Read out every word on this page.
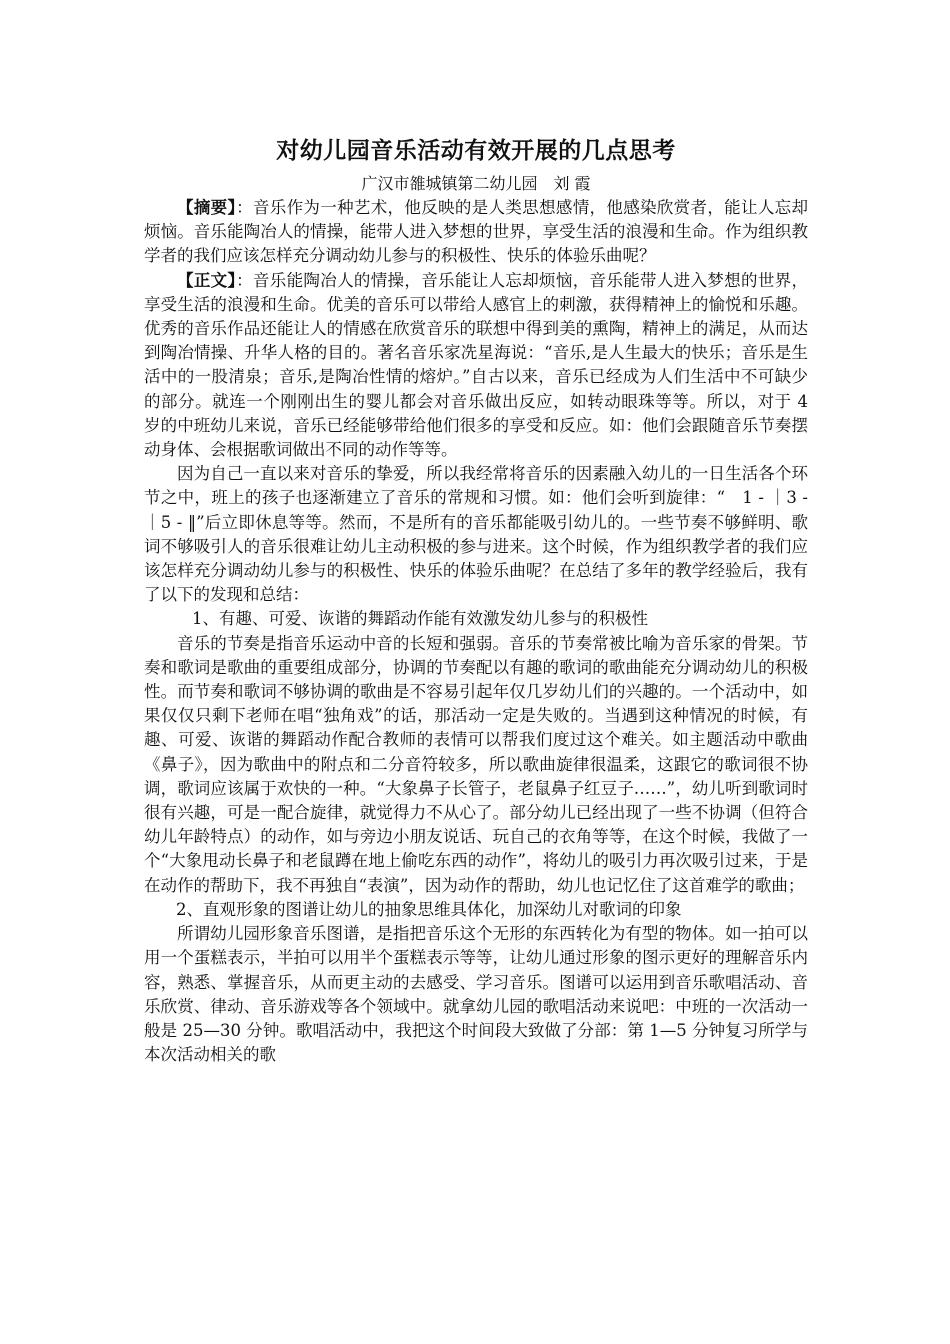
对幼儿园音乐活动有效开展的几点思考

广汉市雒城镇第二幼儿园　刘 霞

【摘要】：音乐作为一种艺术，他反映的是人类思想感情，他感染欣赏者，能让人忘却烦恼。音乐能陶冶人的情操，能带人进入梦想的世界，享受生活的浪漫和生命。作为组织教学者的我们应该怎样充分调动幼儿参与的积极性、快乐的体验乐曲呢？

【正文】：音乐能陶冶人的情操，音乐能让人忘却烦恼，音乐能带人进入梦想的世界，享受生活的浪漫和生命。优美的音乐可以带给人感官上的刺激，获得精神上的愉悦和乐趣。优秀的音乐作品还能让人的情感在欣赏音乐的联想中得到美的熏陶，精神上的满足，从而达到陶冶情操、升华人格的目的。著名音乐家冼星海说：“音乐,是人生最大的快乐；音乐是生活中的一股清泉；音乐,是陶冶性情的熔炉。”自古以来，音乐已经成为人们生活中不可缺少的部分。就连一个刚刚出生的婴儿都会对音乐做出反应，如转动眼珠等等。所以，对于 4 岁的中班幼儿来说，音乐已经能够带给他们很多的享受和反应。如：他们会跟随音乐节奏摆动身体、会根据歌词做出不同的动作等等。

因为自己一直以来对音乐的挚爱，所以我经常将音乐的因素融入幼儿的一日生活各个环节之中，班上的孩子也逐渐建立了音乐的常规和习惯。如：他们会听到旋律：“　1 - ｜3 - ｜5 - ‖”后立即休息等等。然而，不是所有的音乐都能吸引幼儿的。一些节奏不够鲜明、歌词不够吸引人的音乐很难让幼儿主动积极的参与进来。这个时候，作为组织教学者的我们应该怎样充分调动幼儿参与的积极性、快乐的体验乐曲呢？在总结了多年的教学经验后，我有了以下的发现和总结：

1、有趣、可爱、诙谐的舞蹈动作能有效激发幼儿参与的积极性

音乐的节奏是指音乐运动中音的长短和强弱。音乐的节奏常被比喻为音乐家的骨架。节奏和歌词是歌曲的重要组成部分，协调的节奏配以有趣的歌词的歌曲能充分调动幼儿的积极性。而节奏和歌词不够协调的歌曲是不容易引起年仅几岁幼儿们的兴趣的。一个活动中，如果仅仅只剩下老师在唱“独角戏”的话，那活动一定是失败的。当遇到这种情况的时候，有趣、可爱、诙谐的舞蹈动作配合教师的表情可以帮我们度过这个难关。如主题活动中歌曲《鼻子》，因为歌曲中的附点和二分音符较多，所以歌曲旋律很温柔，这跟它的歌词很不协调，歌词应该属于欢快的一种。“大象鼻子长管子，老鼠鼻子红豆子……”，幼儿听到歌词时很有兴趣，可是一配合旋律，就觉得力不从心了。部分幼儿已经出现了一些不协调（但符合幼儿年龄特点）的动作，如与旁边小朋友说话、玩自己的衣角等等，在这个时候，我做了一个“大象甩动长鼻子和老鼠蹲在地上偷吃东西的动作”，将幼儿的吸引力再次吸引过来，于是在动作的帮助下，我不再独自“表演”，因为动作的帮助，幼儿也记忆住了这首难学的歌曲；

2、直观形象的图谱让幼儿的抽象思维具体化，加深幼儿对歌词的印象

所谓幼儿园形象音乐图谱，是指把音乐这个无形的东西转化为有型的物体。如一拍可以用一个蛋糕表示，半拍可以用半个蛋糕表示等等，让幼儿通过形象的图示更好的理解音乐内容，熟悉、掌握音乐，从而更主动的去感受、学习音乐。图谱可以运用到音乐歌唱活动、音乐欣赏、律动、音乐游戏等各个领域中。就拿幼儿园的歌唱活动来说吧：中班的一次活动一般是 25—30 分钟。歌唱活动中，我把这个时间段大致做了分部：第 1—5 分钟复习所学与本次活动相关的歌
